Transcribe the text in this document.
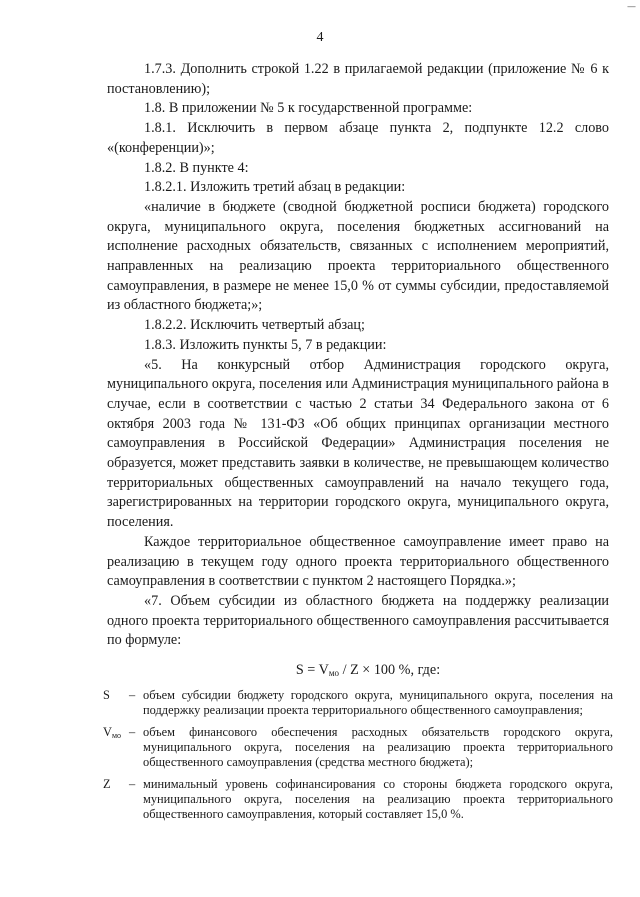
—
4

1.7.3. Дополнить строкой 1.22 в прилагаемой редакции (приложение № 6 к постановлению);

1.8. В приложении № 5 к государственной программе:

1.8.1. Исключить в первом абзаце пункта 2, подпункте 12.2 слово «(конференции)»;

1.8.2. В пункте 4:

1.8.2.1. Изложить третий абзац в редакции:

«наличие в бюджете (сводной бюджетной росписи бюджета) городского округа, муниципального округа, поселения бюджетных ассигнований на исполнение расходных обязательств, связанных с исполнением мероприятий, направленных на реализацию проекта территориального общественного самоуправления, в размере не менее 15,0 % от суммы субсидии, предоставляемой из областного бюджета;»;

1.8.2.2. Исключить четвертый абзац;

1.8.3. Изложить пункты 5, 7 в редакции:

«5. На конкурсный отбор Администрация городского округа, муниципального округа, поселения или Администрация муниципального района в случае, если в соответствии с частью 2 статьи 34 Федерального закона от 6 октября 2003 года № 131-ФЗ «Об общих принципах организации местного самоуправления в Российской Федерации» Администрация поселения не образуется, может представить заявки в количестве, не превышающем количество территориальных общественных самоуправлений на начало текущего года, зарегистрированных на территории городского округа, муниципального округа, поселения.

Каждое территориальное общественное самоуправление имеет право на реализацию в текущем году одного проекта территориального общественного самоуправления в соответствии с пунктом 2 настоящего Порядка.»;

«7. Объем субсидии из областного бюджета на поддержку реализации одного проекта территориального общественного самоуправления рассчитывается по формуле:

$S = V_{мо} / Z \times 100$ %, где:
S	– объем субсидии бюджету городского округа, муниципального округа, поселения на поддержку реализации проекта территориального общественного самоуправления;
$V_{мо}$ – объем финансового обеспечения расходных обязательств городского округа, муниципального округа, поселения на реализацию проекта территориального общественного самоуправления (средства местного бюджета);
Z	– минимальный уровень софинансирования со стороны бюджета городского округа, муниципального округа, поселения на реализацию проекта территориального общественного самоуправления, который составляет 15,0 %.
